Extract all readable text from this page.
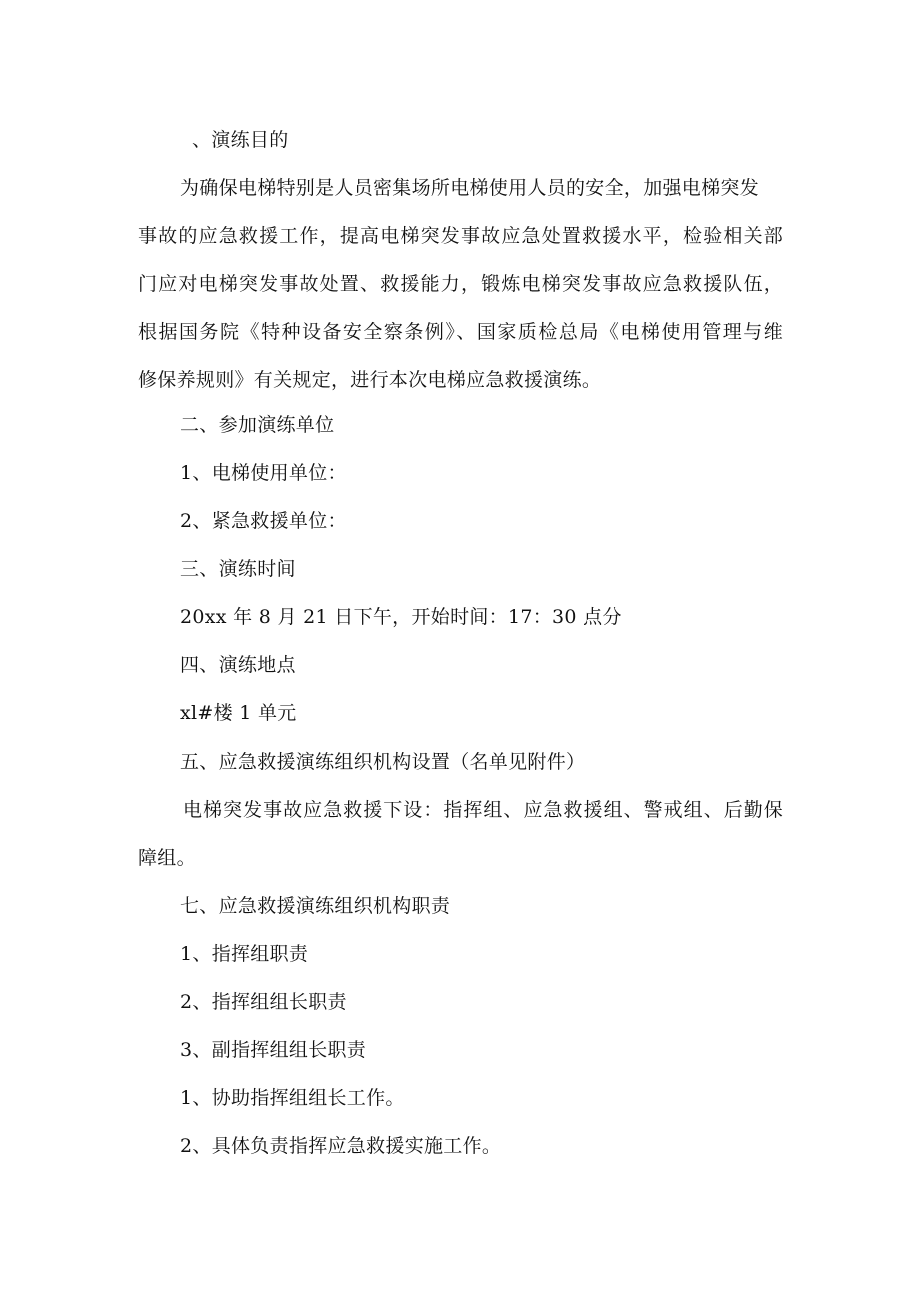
、演练目的
为确保电梯特别是人员密集场所电梯使用人员的安全，加强电梯突发
事故的应急救援工作，提高电梯突发事故应急处置救援水平，检验相关部
门应对电梯突发事故处置、救援能力，锻炼电梯突发事故应急救援队伍，
根据国务院《特种设备安全察条例》、国家质检总局《电梯使用管理与维
修保养规则》有关规定，进行本次电梯应急救援演练。
二、参加演练单位
1、电梯使用单位：
2、紧急救援单位：
三、演练时间
20xx 年 8 月 21 日下午，开始时间：17：30 点分
四、演练地点
xl#楼 1 单元
五、应急救援演练组织机构设置（名单见附件）
电梯突发事故应急救援下设：指挥组、应急救援组、警戒组、后勤保
障组。
七、应急救援演练组织机构职责
1、指挥组职责
2、指挥组组长职责
3、副指挥组组长职责
1、协助指挥组组长工作。
2、具体负责指挥应急救援实施工作。
